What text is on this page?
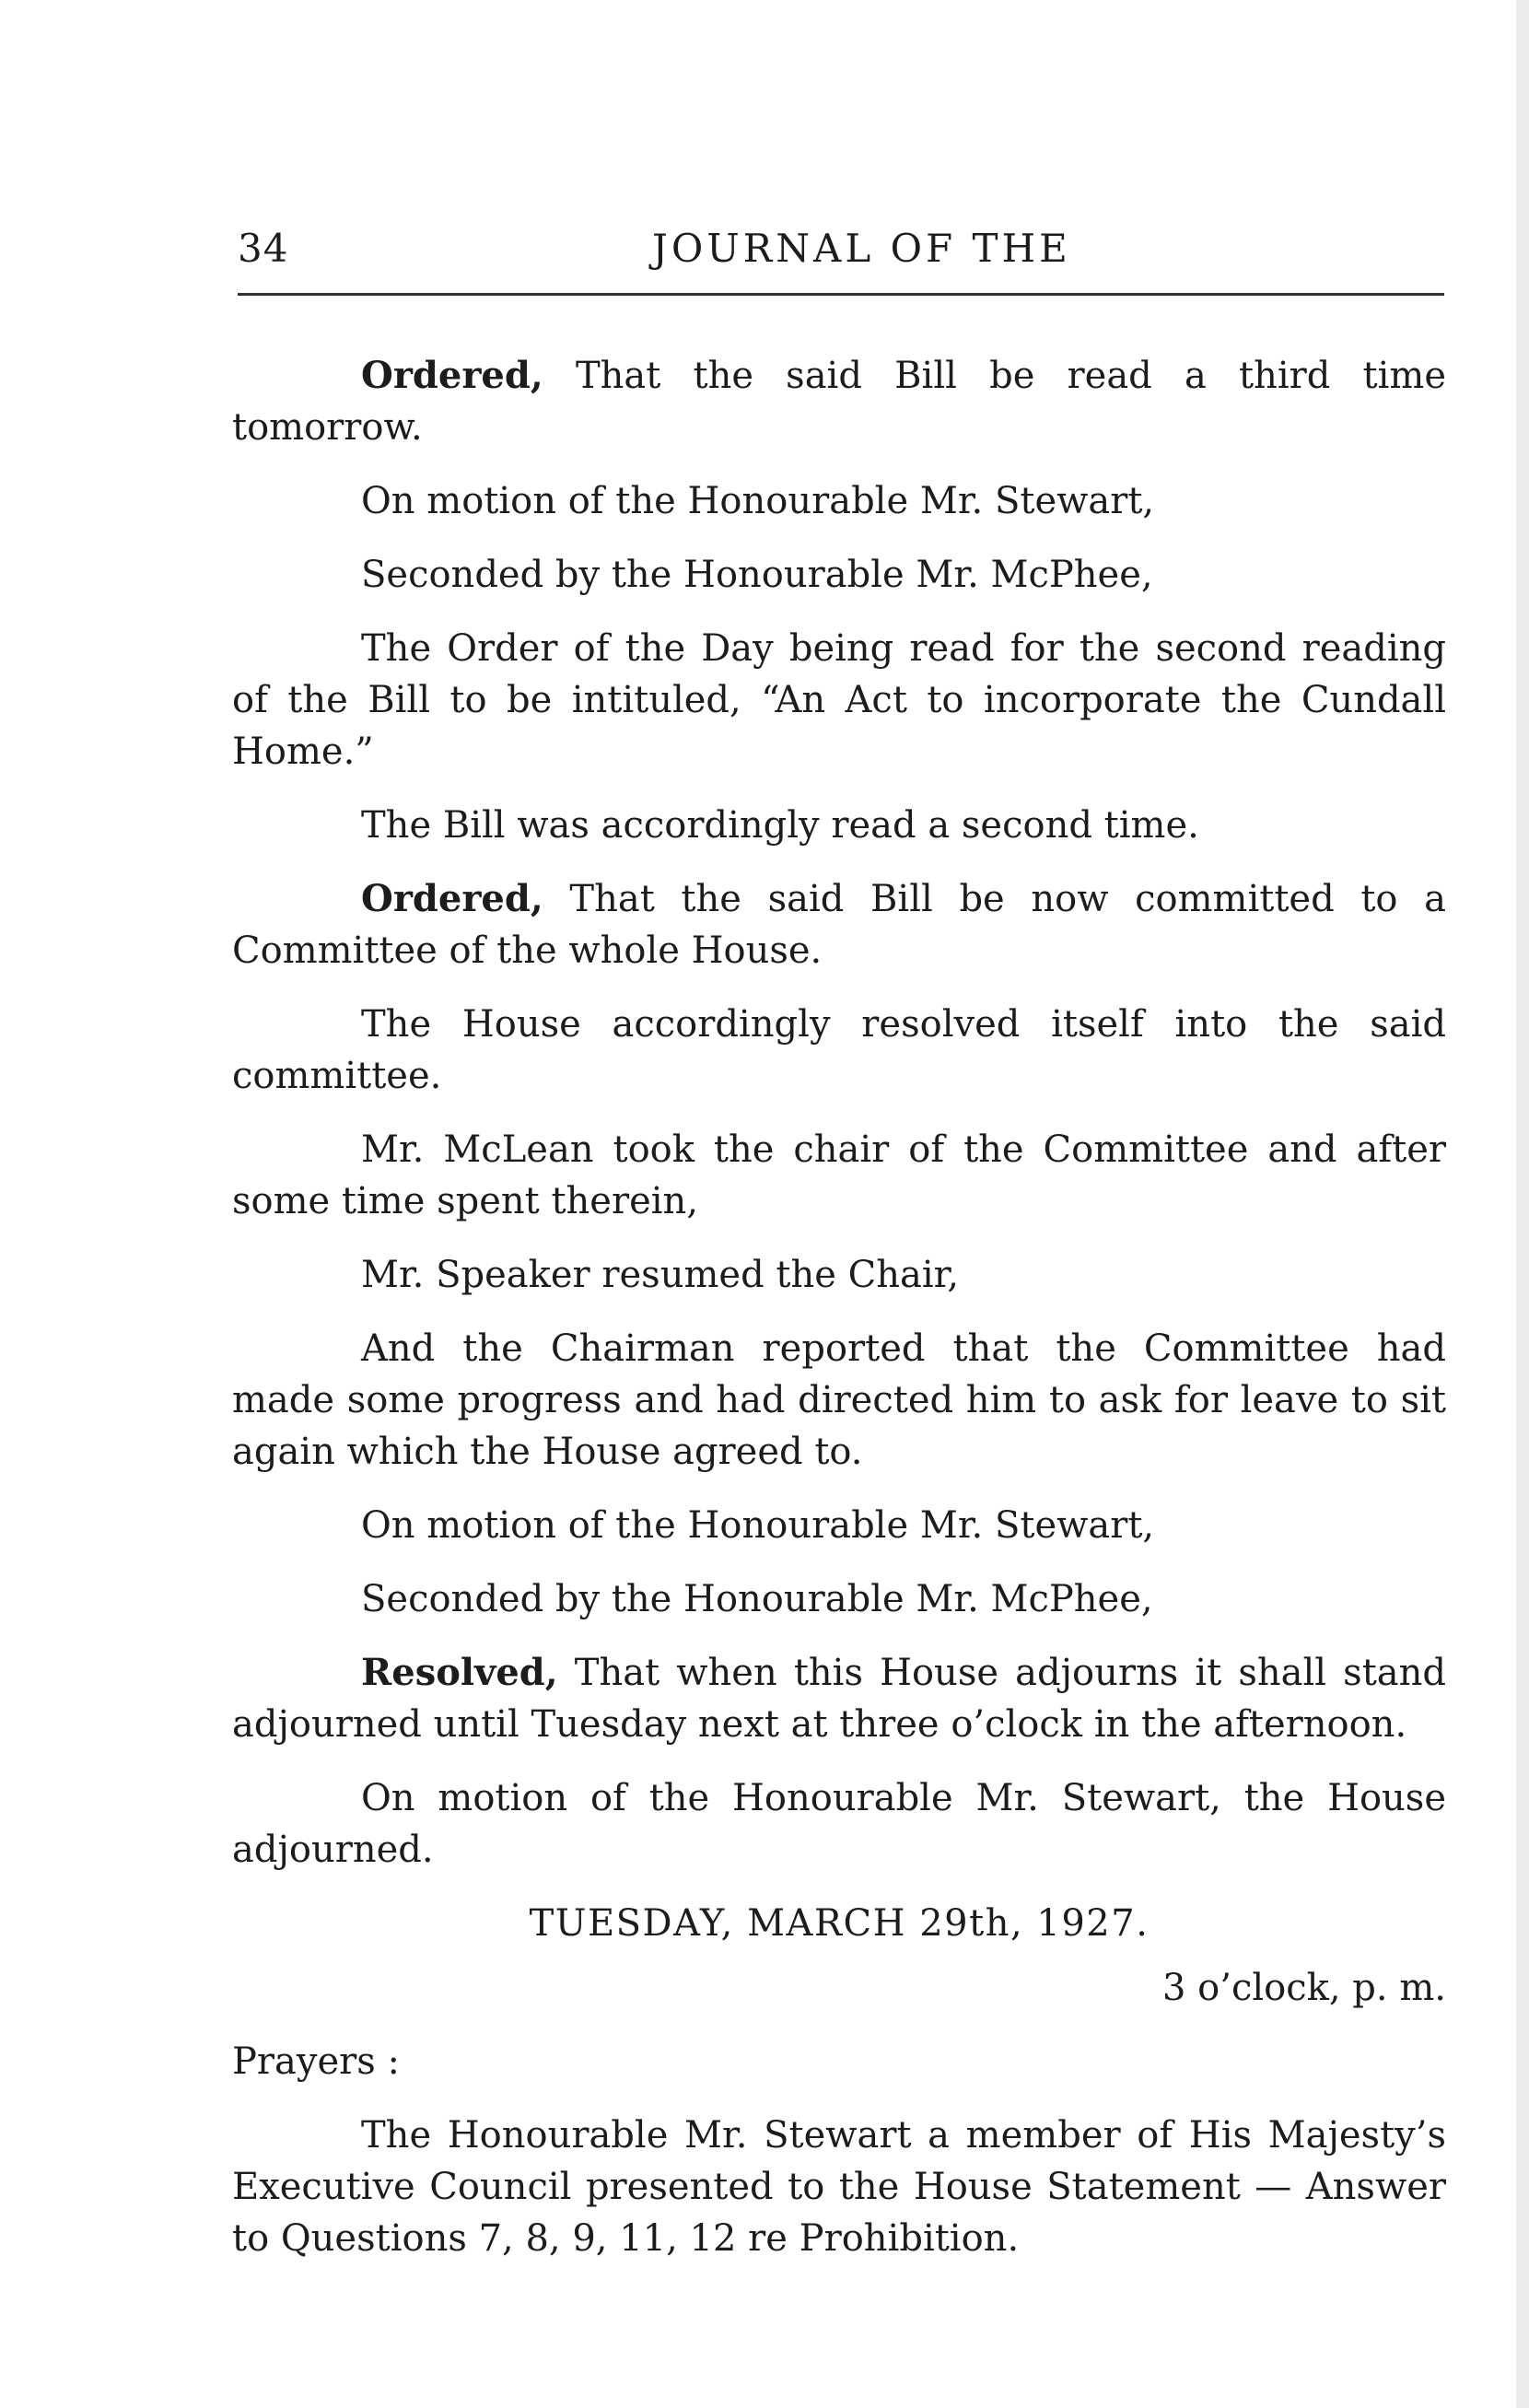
34	JOURNAL OF THE

Ordered, That the said Bill be read a third time tomorrow.

On motion of the Honourable Mr. Stewart,

Seconded by the Honourable Mr. McPhee,

The Order of the Day being read for the second reading of the Bill to be intituled, “An Act to incorporate the Cundall Home.”

The Bill was accordingly read a second time.

Ordered, That the said Bill be now committed to a Committee of the whole House.

The House accordingly resolved itself into the said committee.

Mr. McLean took the chair of the Committee and after some time spent therein,

Mr. Speaker resumed the Chair,

And the Chairman reported that the Committee had made some progress and had directed him to ask for leave to sit again which the House agreed to.

On motion of the Honourable Mr. Stewart,

Seconded by the Honourable Mr. McPhee,

Resolved, That when this House adjourns it shall stand adjourned until Tuesday next at three o’clock in the afternoon.

On motion of the Honourable Mr. Stewart, the House adjourned.

TUESDAY, MARCH 29th, 1927.

3 o’clock, p. m.

Prayers :

The Honourable Mr. Stewart a member of His Majesty’s Executive Council presented to the House Statement — Answer to Questions 7, 8, 9, 11, 12 re Prohibition.
